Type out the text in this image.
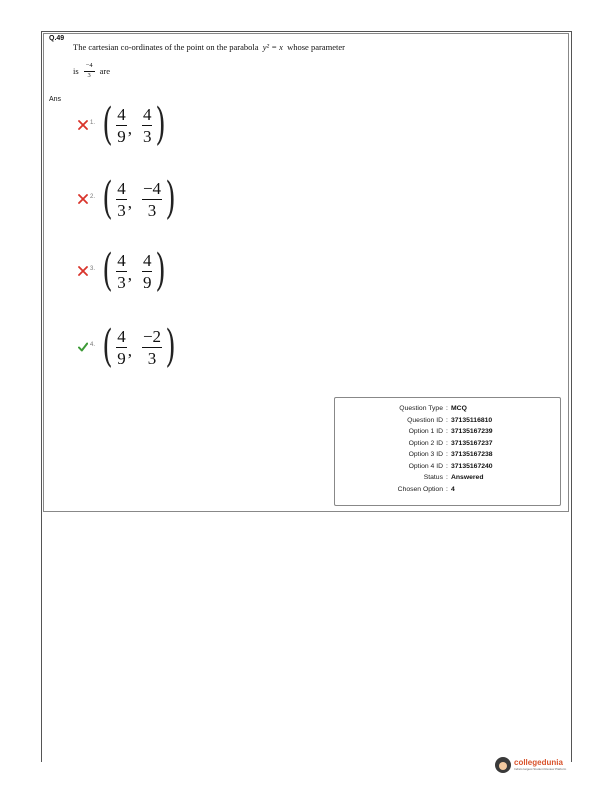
Q.49
The cartesian co-ordinates of the point on the parabola y² = x whose parameter
is $\frac{-4}{3}$ are
Ans
1. ( $\frac{4}{9}$ , $\frac{4}{3}$ )
2. ( $\frac{4}{3}$ , $\frac{-4}{3}$ )
3. ( $\frac{4}{3}$ , $\frac{4}{9}$ )
4. ( $\frac{4}{9}$ , $\frac{-2}{3}$ )
Question Type : MCQ
Question ID : 37135116810
Option 1 ID : 37135167239
Option 2 ID : 37135167237
Option 3 ID : 37135167238
Option 4 ID : 37135167240
Status : Answered
Chosen Option : 4
collegedunia
India's largest Student Review Platform
